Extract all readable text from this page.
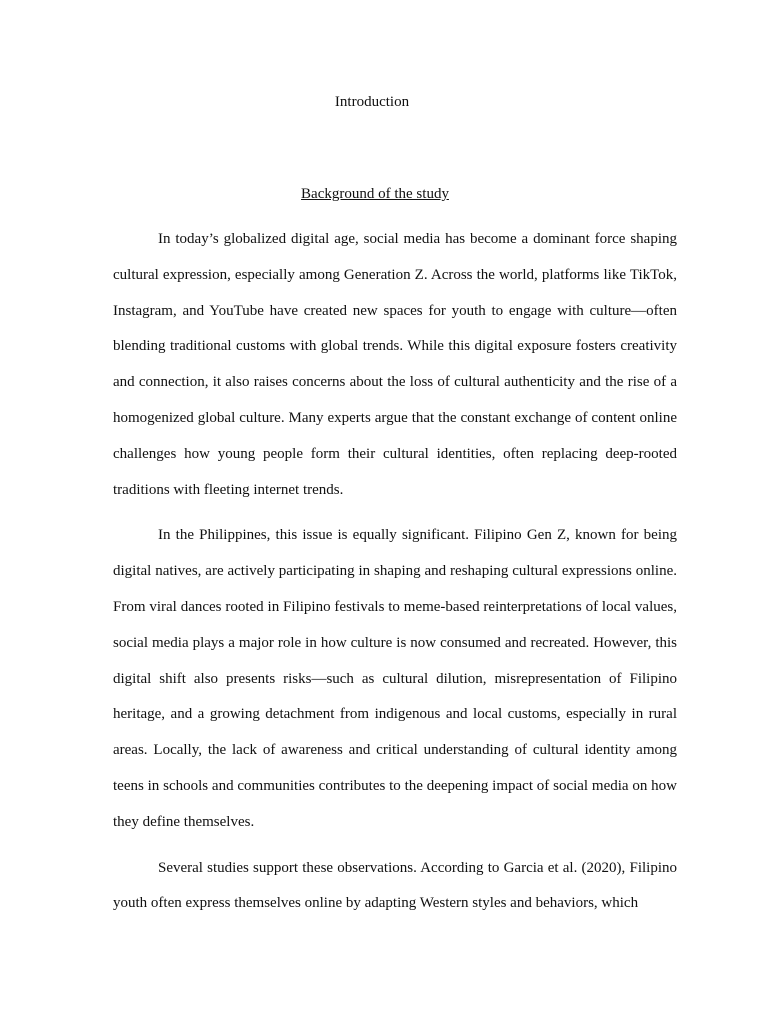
Introduction
Background of the study

In today’s globalized digital age, social media has become a dominant force shaping cultural expression, especially among Generation Z. Across the world, platforms like TikTok, Instagram, and YouTube have created new spaces for youth to engage with culture—often blending traditional customs with global trends. While this digital exposure fosters creativity and connection, it also raises concerns about the loss of cultural authenticity and the rise of a homogenized global culture. Many experts argue that the constant exchange of content online challenges how young people form their cultural identities, often replacing deep-rooted traditions with fleeting internet trends.

In the Philippines, this issue is equally significant. Filipino Gen Z, known for being digital natives, are actively participating in shaping and reshaping cultural expressions online. From viral dances rooted in Filipino festivals to meme-based reinterpretations of local values, social media plays a major role in how culture is now consumed and recreated. However, this digital shift also presents risks—such as cultural dilution, misrepresentation of Filipino heritage, and a growing detachment from indigenous and local customs, especially in rural areas. Locally, the lack of awareness and critical understanding of cultural identity among teens in schools and communities contributes to the deepening impact of social media on how they define themselves.

Several studies support these observations. According to Garcia et al. (2020), Filipino youth often express themselves online by adapting Western styles and behaviors, which
